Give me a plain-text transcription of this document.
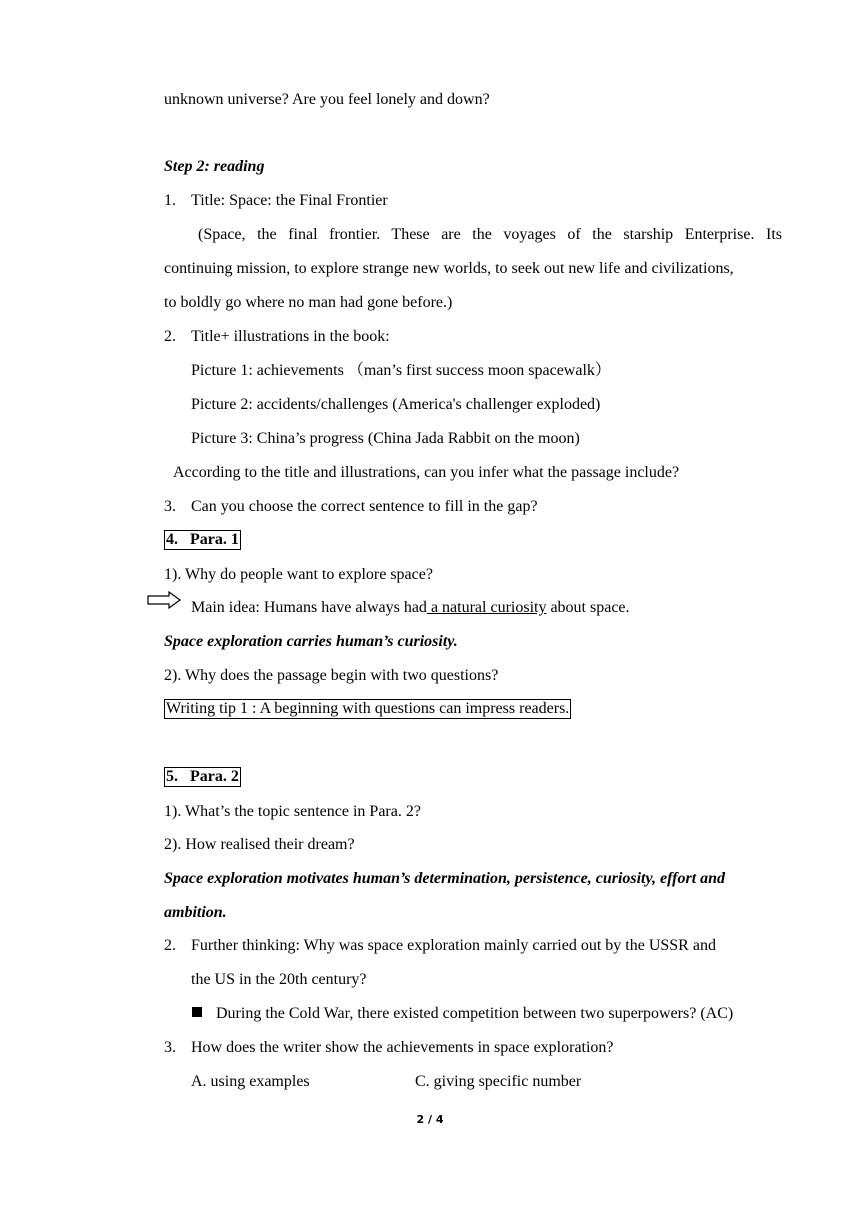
unknown universe? Are you feel lonely and down?
Step 2: reading
1. Title: Space: the Final Frontier
(Space, the final frontier. These are the voyages of the starship Enterprise. Its
continuing mission, to explore strange new worlds, to seek out new life and civilizations,
to boldly go where no man had gone before.)
2. Title+ illustrations in the book:
Picture 1: achievements （man’s first success moon spacewalk）
Picture 2: accidents/challenges (America's challenger exploded)
Picture 3: China’s progress (China Jada Rabbit on the moon)
According to the title and illustrations, can you infer what the passage include?
3. Can you choose the correct sentence to fill in the gap?
4.   Para. 1
1). Why do people want to explore space?
Main idea: Humans have always had a natural curiosity about space.
Space exploration carries human’s curiosity.
2). Why does the passage begin with two questions?
Writing tip 1 : A beginning with questions can impress readers.
5.   Para. 2
1). What’s the topic sentence in Para. 2?
2). How realised their dream?
Space exploration motivates human’s determination, persistence, curiosity, effort and
ambition.
2. Further thinking: Why was space exploration mainly carried out by the USSR and
the US in the 20th century?
During the Cold War, there existed competition between two superpowers? (AC)
3. How does the writer show the achievements in space exploration?
A. using examples	C. giving specific number
2 / 4
